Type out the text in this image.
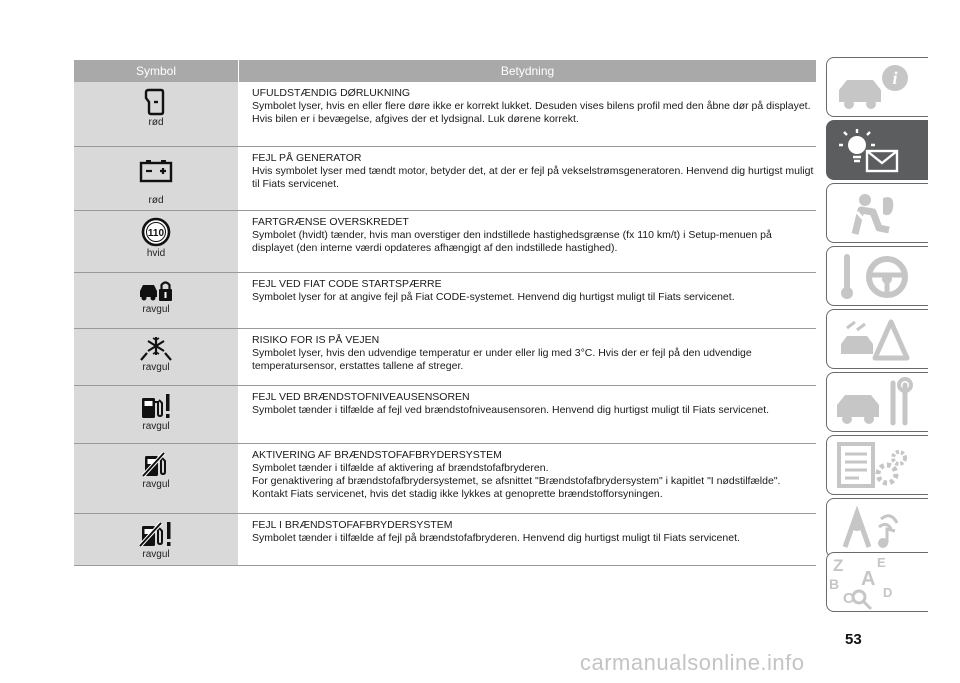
Symbol	Betydning
rød
UFULDSTÆNDIG DØRLUKNING
Symbolet lyser, hvis en eller flere døre ikke er korrekt lukket. Desuden vises bilens profil med den åbne dør på displayet. Hvis bilen er i bevægelse, afgives der et lydsignal. Luk dørene korrekt.
rød
FEJL PÅ GENERATOR
Hvis symbolet lyser med tændt motor, betyder det, at der er fejl på vekselstrømsgeneratoren. Henvend dig hurtigst muligt til Fiats servicenet.
110
hvid
FARTGRÆNSE OVERSKREDET
Symbolet (hvidt) tænder, hvis man overstiger den indstillede hastighedsgrænse (fx 110 km/t) i Setup-menuen på displayet (den interne værdi opdateres afhængigt af den indstillede hastighed).
ravgul
FEJL VED FIAT CODE STARTSPÆRRE
Symbolet lyser for at angive fejl på Fiat CODE-systemet. Henvend dig hurtigst muligt til Fiats servicenet.
ravgul
RISIKO FOR IS PÅ VEJEN
Symbolet lyser, hvis den udvendige temperatur er under eller lig med 3°C. Hvis der er fejl på den udvendige temperatursensor, erstattes tallene af streger.
ravgul
FEJL VED BRÆNDSTOFNIVEAUSENSOREN
Symbolet tænder i tilfælde af fejl ved brændstofniveausensoren. Henvend dig hurtigst muligt til Fiats servicenet.
ravgul
AKTIVERING AF BRÆNDSTOFAFBRYDERSYSTEM
Symbolet tænder i tilfælde af aktivering af brændstofafbryderen.
For genaktivering af brændstofafbrydersystemet, se afsnittet "Brændstofafbrydersystem" i kapitlet "I nødstilfælde". Kontakt Fiats servicenet, hvis det stadig ikke lykkes at genoprette brændstofforsyningen.
ravgul
FEJL I BRÆNDSTOFAFBRYDERSYSTEM
Symbolet tænder i tilfælde af fejl på brændstofafbryderen. Henvend dig hurtigst muligt til Fiats servicenet.
i
Z	E
A
B
C D
53
carmanualsonline.info
